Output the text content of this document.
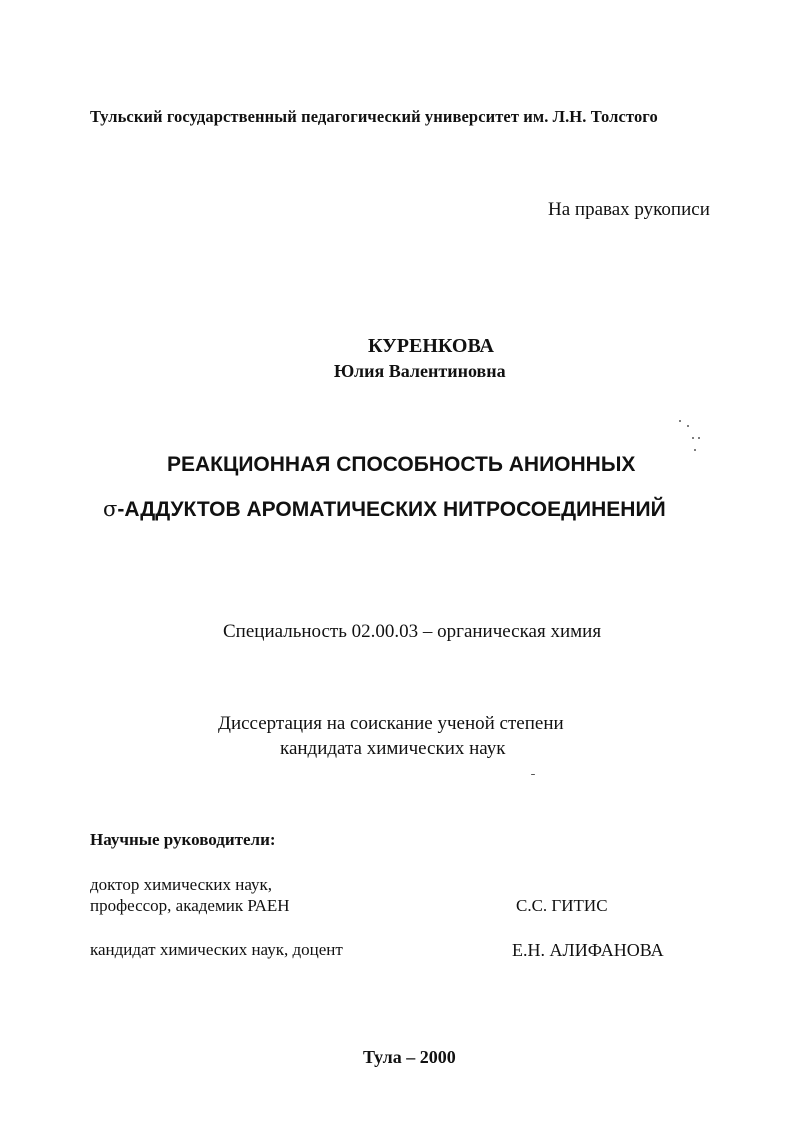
Тульский государственный педагогический университет им. Л.Н. Толстого
На правах рукописи
КУРЕНКОВА
Юлия Валентиновна
РЕАКЦИОННАЯ СПОСОБНОСТЬ АНИОННЫХ
σ-АДДУКТОВ АРОМАТИЧЕСКИХ НИТРОСОЕДИНЕНИЙ
Специальность 02.00.03 – органическая химия
Диссертация на соискание ученой степени
кандидата химических наук
Научные руководители:
доктор химических наук,
профессор, академик РАЕН	С.С. ГИТИС
кандидат химических наук, доцент	Е.Н. АЛИФАНОВА
Тула – 2000
